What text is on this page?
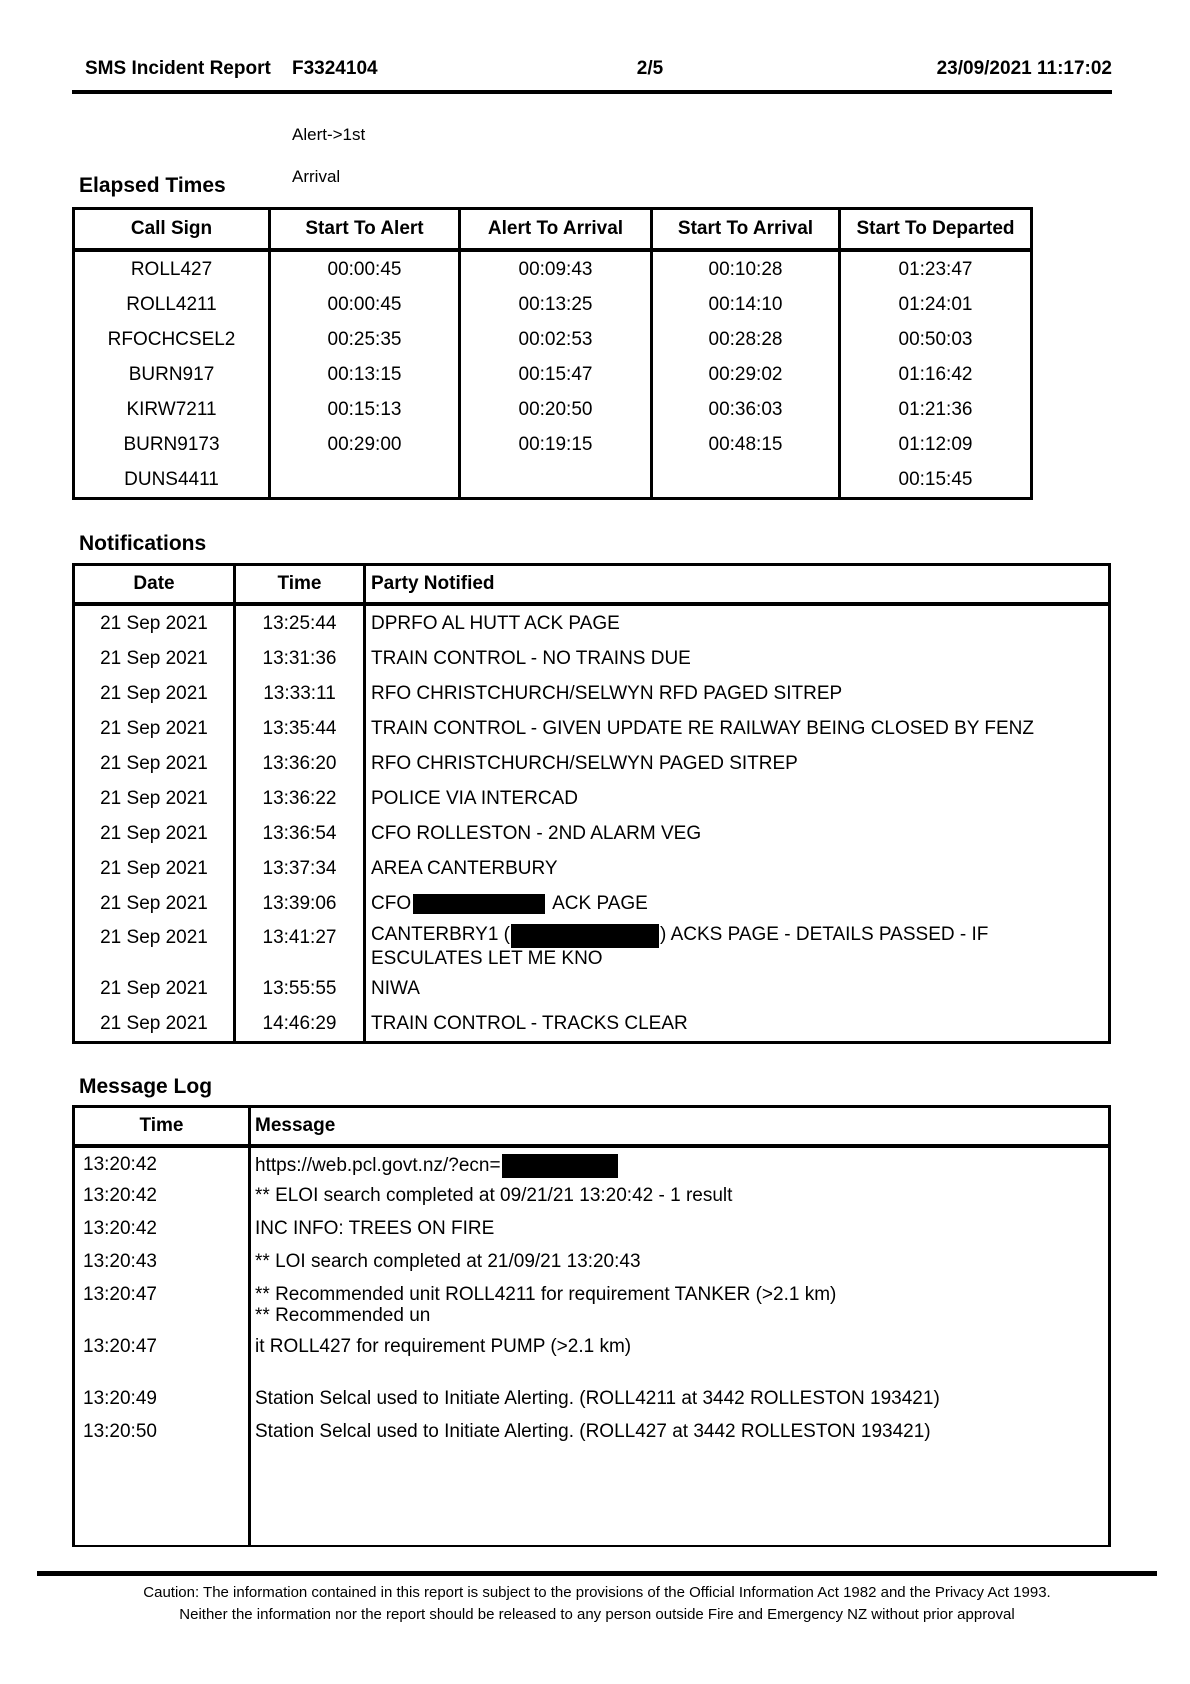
SMS Incident Report F3324104	2/5	23/09/2021 11:17:02

Alert->1st

Arrival

Elapsed Times
Call Sign	Start To Alert	Alert To Arrival	Start To Arrival	Start To Departed
ROLL427	00:00:45	00:09:43	00:10:28	01:23:47
ROLL4211	00:00:45	00:13:25	00:14:10	01:24:01
RFOCHCSEL2	00:25:35	00:02:53	00:28:28	00:50:03
BURN917	00:13:15	00:15:47	00:29:02	01:16:42
KIRW7211	00:15:13	00:20:50	00:36:03	01:21:36
BURN9173	00:29:00	00:19:15	00:48:15	01:12:09
DUNS4411				00:15:45
Notifications
Date	Time	Party Notified
21 Sep 2021	13:25:44	DPRFO AL HUTT ACK PAGE
21 Sep 2021	13:31:36	TRAIN CONTROL - NO TRAINS DUE
21 Sep 2021	13:33:11	RFO CHRISTCHURCH/SELWYN RFD PAGED SITREP
21 Sep 2021	13:35:44	TRAIN CONTROL - GIVEN UPDATE RE RAILWAY BEING CLOSED BY FENZ
21 Sep 2021	13:36:20	RFO CHRISTCHURCH/SELWYN PAGED SITREP
21 Sep 2021	13:36:22	POLICE VIA INTERCAD
21 Sep 2021	13:36:54	CFO ROLLESTON - 2ND ALARM VEG
21 Sep 2021	13:37:34	AREA CANTERBURY
21 Sep 2021	13:39:06	CFO ACK PAGE
21 Sep 2021	13:41:27	CANTERBRY1 ( ) ACKS PAGE - DETAILS PASSED - IF
ESCULATES LET ME KNO

21 Sep 2021	13:55:55	NIWA
21 Sep 2021	14:46:29	TRAIN CONTROL - TRACKS CLEAR
Message Log
Time	Message
13:20:42	https://web.pcl.govt.nz/?ecn=
13:20:42	** ELOI search completed at 09/21/21 13:20:42 - 1 result
13:20:42	INC INFO: TREES ON FIRE
13:20:43	** LOI search completed at 21/09/21 13:20:43
13:20:47	** Recommended unit ROLL4211 for requirement TANKER (>2.1 km)
** Recommended un

13:20:47	it ROLL427 for requirement PUMP (>2.1 km)
13:20:49	Station Selcal used to Initiate Alerting. (ROLL4211 at 3442 ROLLESTON 193421)
13:20:50	Station Selcal used to Initiate Alerting. (ROLL427 at 3442 ROLLESTON 193421)

Caution: The information contained in this report is subject to the provisions of the Official Information Act 1982 and the Privacy Act 1993.
Neither the information nor the report should be released to any person outside Fire and Emergency NZ without prior approval
